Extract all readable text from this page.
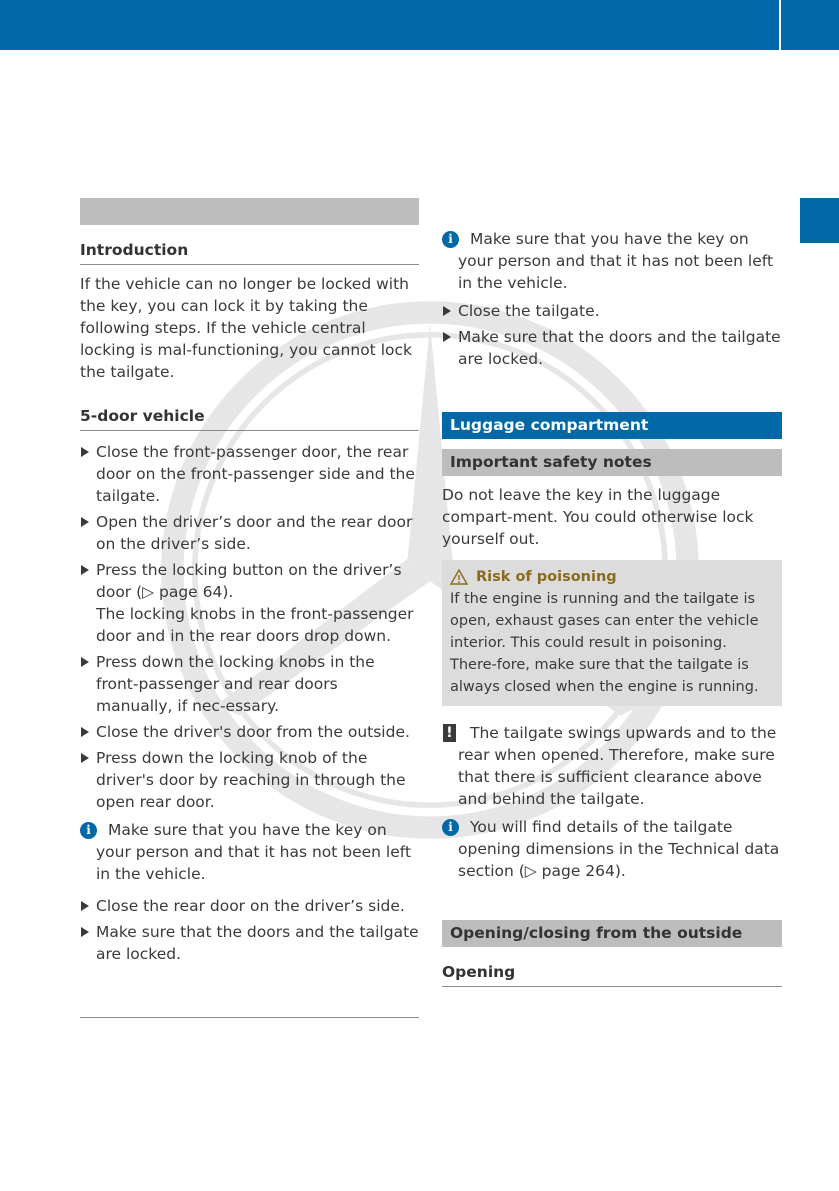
Introduction

If the vehicle can no longer be locked with the key, you can lock it by taking the following steps. If the vehicle central locking is mal-functioning, you cannot lock the tailgate.

5-door vehicle
Close the front-passenger door, the rear door on the front-passenger side and the tailgate.
Open the driver’s door and the rear door on the driver’s side.
Press the locking button on the driver’s door (▷ page 64).
The locking knobs in the front-passenger door and in the rear doors drop down.
Press down the locking knobs in the front-passenger and rear doors manually, if nec-essary.
Close the driver's door from the outside.
Press down the locking knob of the driver's door by reaching in through the open rear door.
i	Make sure that you have the key on your person and that it has not been left in the vehicle.
Close the rear door on the driver’s side.
Make sure that the doors and the tailgate are locked.
i	Make sure that you have the key on your person and that it has not been left in the vehicle.
Close the tailgate.
Make sure that the doors and the tailgate are locked.
Luggage compartment
Important safety notes

Do not leave the key in the luggage compart-ment. You could otherwise lock yourself out.

Risk of poisoning
If the engine is running and the tailgate is open, exhaust gases can enter the vehicle interior. This could result in poisoning. There-fore, make sure that the tailgate is always closed when the engine is running.
! The tailgate swings upwards and to the rear when opened. Therefore, make sure that there is sufficient clearance above and behind the tailgate.
i	You will find details of the tailgate opening dimensions in the Technical data section (▷ page 264).
Opening/closing from the outside
Opening
